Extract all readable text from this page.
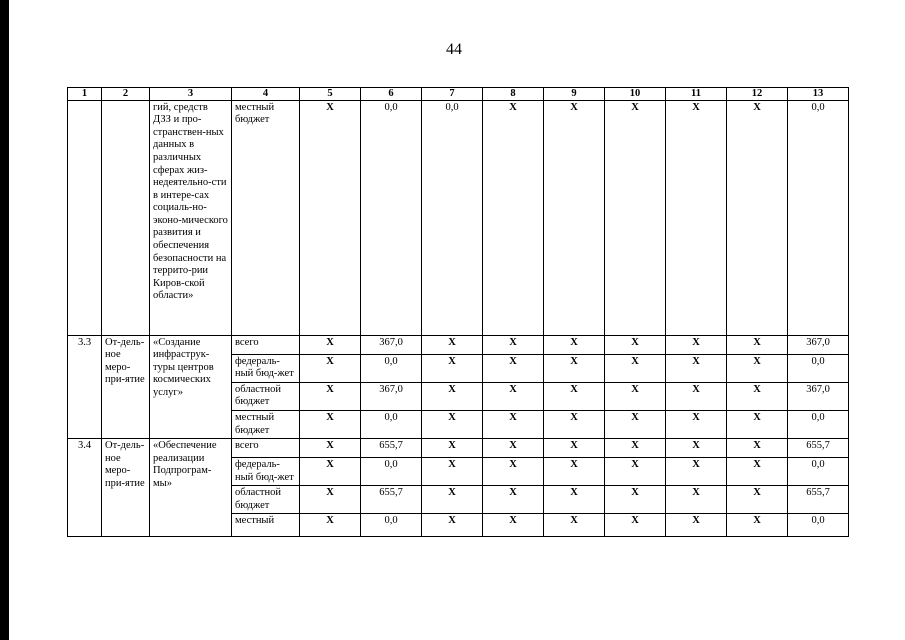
44
1	2	3	4	5	6	7	8	9	10	11	12	13
		гий, средств ДЗЗ и про-странствен-ных данных в различных сферах жиз-недеятельно-сти в интере-сах социаль-но-эконо-мического развития и обеспечения безопасности на террито-рии Киров-ской области»	местный бюджет	X	0,0	0,0	X	X	X	X	X	0,0
3.3	От-дель-ное меро-при-ятие	«Создание инфраструк-туры центров космических услуг»	всего	X	367,0	X	X	X	X	X	X	367,0
			федераль-ный бюд-жет	X	0,0	X	X	X	X	X	X	0,0
			областной бюджет	X	367,0	X	X	X	X	X	X	367,0
			местный бюджет	X	0,0	X	X	X	X	X	X	0,0
3.4	От-дель-ное меро-при-ятие	«Обеспечение реализации Подпрограм-мы»	всего	X	655,7	X	X	X	X	X	X	655,7
			федераль-ный бюд-жет	X	0,0	X	X	X	X	X	X	0,0
			областной бюджет	X	655,7	X	X	X	X	X	X	655,7
			местный	X	0,0	X	X	X	X	X	X	0,0
